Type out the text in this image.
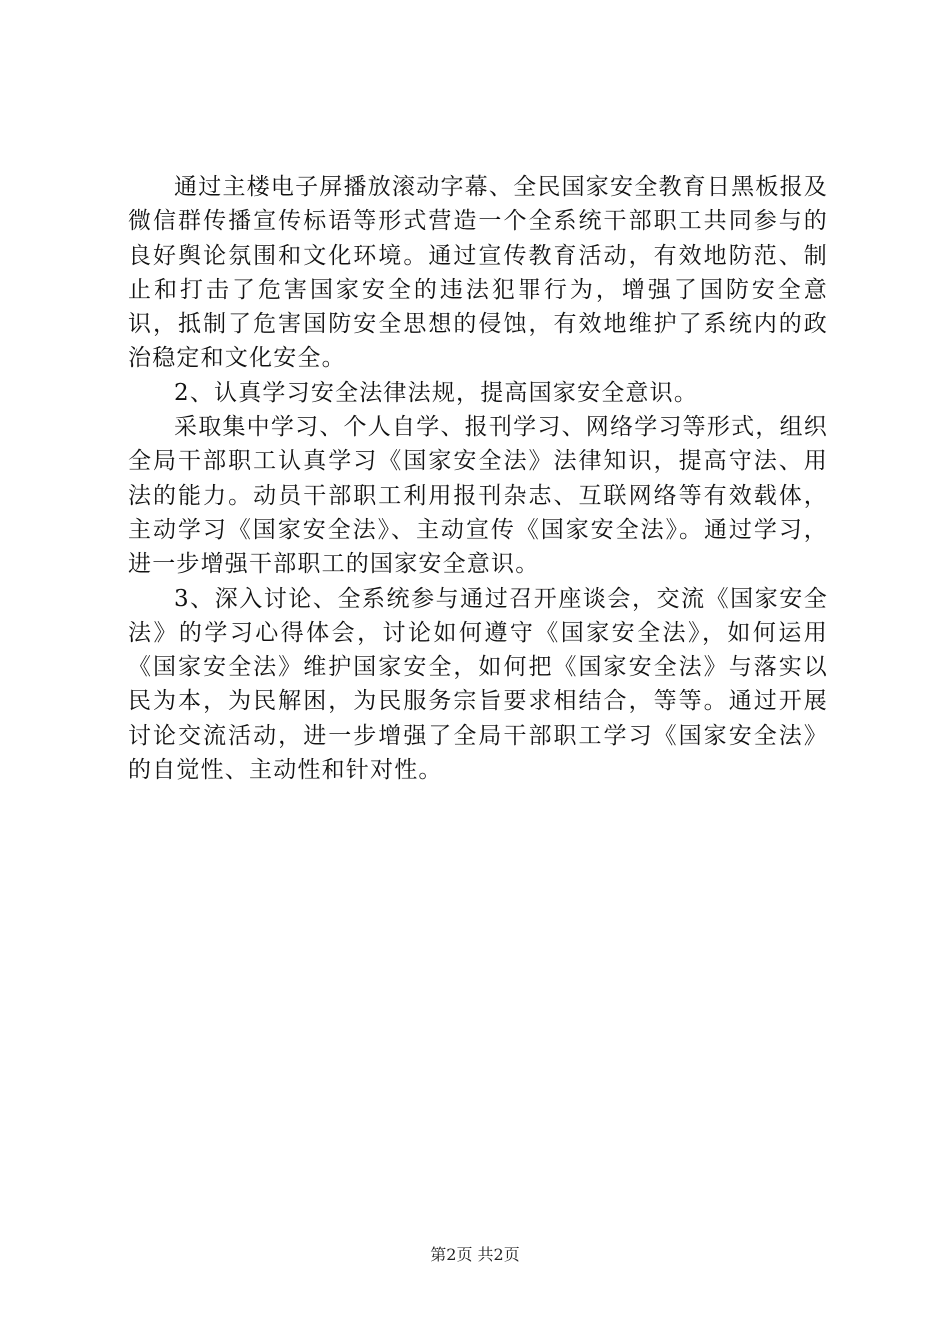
通过主楼电子屏播放滚动字幕、全民国家安全教育日黑板报及微信群传播宣传标语等形式营造一个全系统干部职工共同参与的良好舆论氛围和文化环境。通过宣传教育活动，有效地防范、制止和打击了危害国家安全的违法犯罪行为，增强了国防安全意识，抵制了危害国防安全思想的侵蚀，有效地维护了系统内的政治稳定和文化安全。

2、认真学习安全法律法规，提高国家安全意识。

采取集中学习、个人自学、报刊学习、网络学习等形式，组织全局干部职工认真学习《国家安全法》法律知识，提高守法、用法的能力。动员干部职工利用报刊杂志、互联网络等有效载体，主动学习《国家安全法》、主动宣传《国家安全法》。通过学习，进一步增强干部职工的国家安全意识。

3、深入讨论、全系统参与通过召开座谈会，交流《国家安全法》的学习心得体会，讨论如何遵守《国家安全法》，如何运用《国家安全法》维护国家安全，如何把《国家安全法》与落实以民为本，为民解困，为民服务宗旨要求相结合，等等。通过开展讨论交流活动，进一步增强了全局干部职工学习《国家安全法》的自觉性、主动性和针对性。

第2页 共2页
